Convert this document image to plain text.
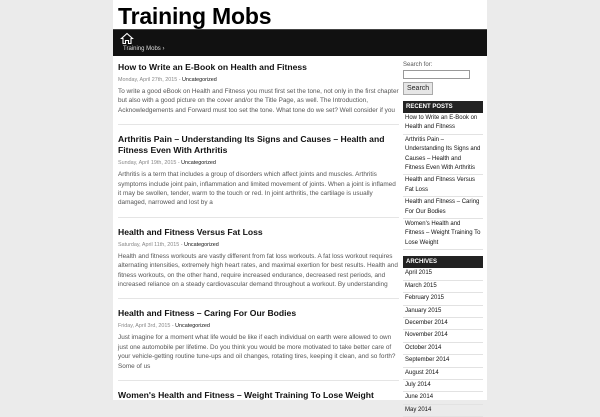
Training Mobs
Training Mobs ›
How to Write an E-Book on Health and Fitness
Monday, April 27th, 2015 - Uncategorized

To write a good eBook on Health and Fitness you must first set the tone, not only in the first chapter but also with a good picture on the cover and/or the Title Page, as well. The Introduction, Acknowledgements and Forward must too set the tone. What tone do we set? Well consider if you

Arthritis Pain – Understanding Its Signs and Causes – Health and Fitness Even With Arthritis
Sunday, April 19th, 2015 - Uncategorized

Arthritis is a term that includes a group of disorders which affect joints and muscles. Arthritis symptoms include joint pain, inflammation and limited movement of joints. When a joint is inflamed it may be swollen, tender, warm to the touch or red. In joint arthritis, the cartilage is usually damaged, narrowed and lost by a

Health and Fitness Versus Fat Loss
Saturday, April 11th, 2015 - Uncategorized

Health and fitness workouts are vastly different from fat loss workouts. A fat loss workout requires alternating intensities, extremely high heart rates, and maximal exertion for best results. Health and fitness workouts, on the other hand, require increased endurance, decreased rest periods, and increased reliance on a steady cardiovascular demand throughout a workout. By understanding

Health and Fitness – Caring For Our Bodies
Friday, April 3rd, 2015 - Uncategorized

Just imagine for a moment what life would be like if each individual on earth were allowed to own just one automobile per lifetime. Do you think you would be more motivated to take better care of your vehicle-getting routine tune-ups and oil changes, rotating tires, keeping it clean, and so forth? Some of us

Women's Health and Fitness – Weight Training To Lose Weight
Search for:
Search
RECENT POSTS
How to Write an E-Book on Health and Fitness
Arthritis Pain – Understanding Its Signs and Causes – Health and Fitness Even With Arthritis
Health and Fitness Versus Fat Loss
Health and Fitness – Caring For Our Bodies
Women's Health and Fitness – Weight Training To Lose Weight
ARCHIVES
April 2015
March 2015
February 2015
January 2015
December 2014
November 2014
October 2014
September 2014
August 2014
July 2014
June 2014
May 2014
